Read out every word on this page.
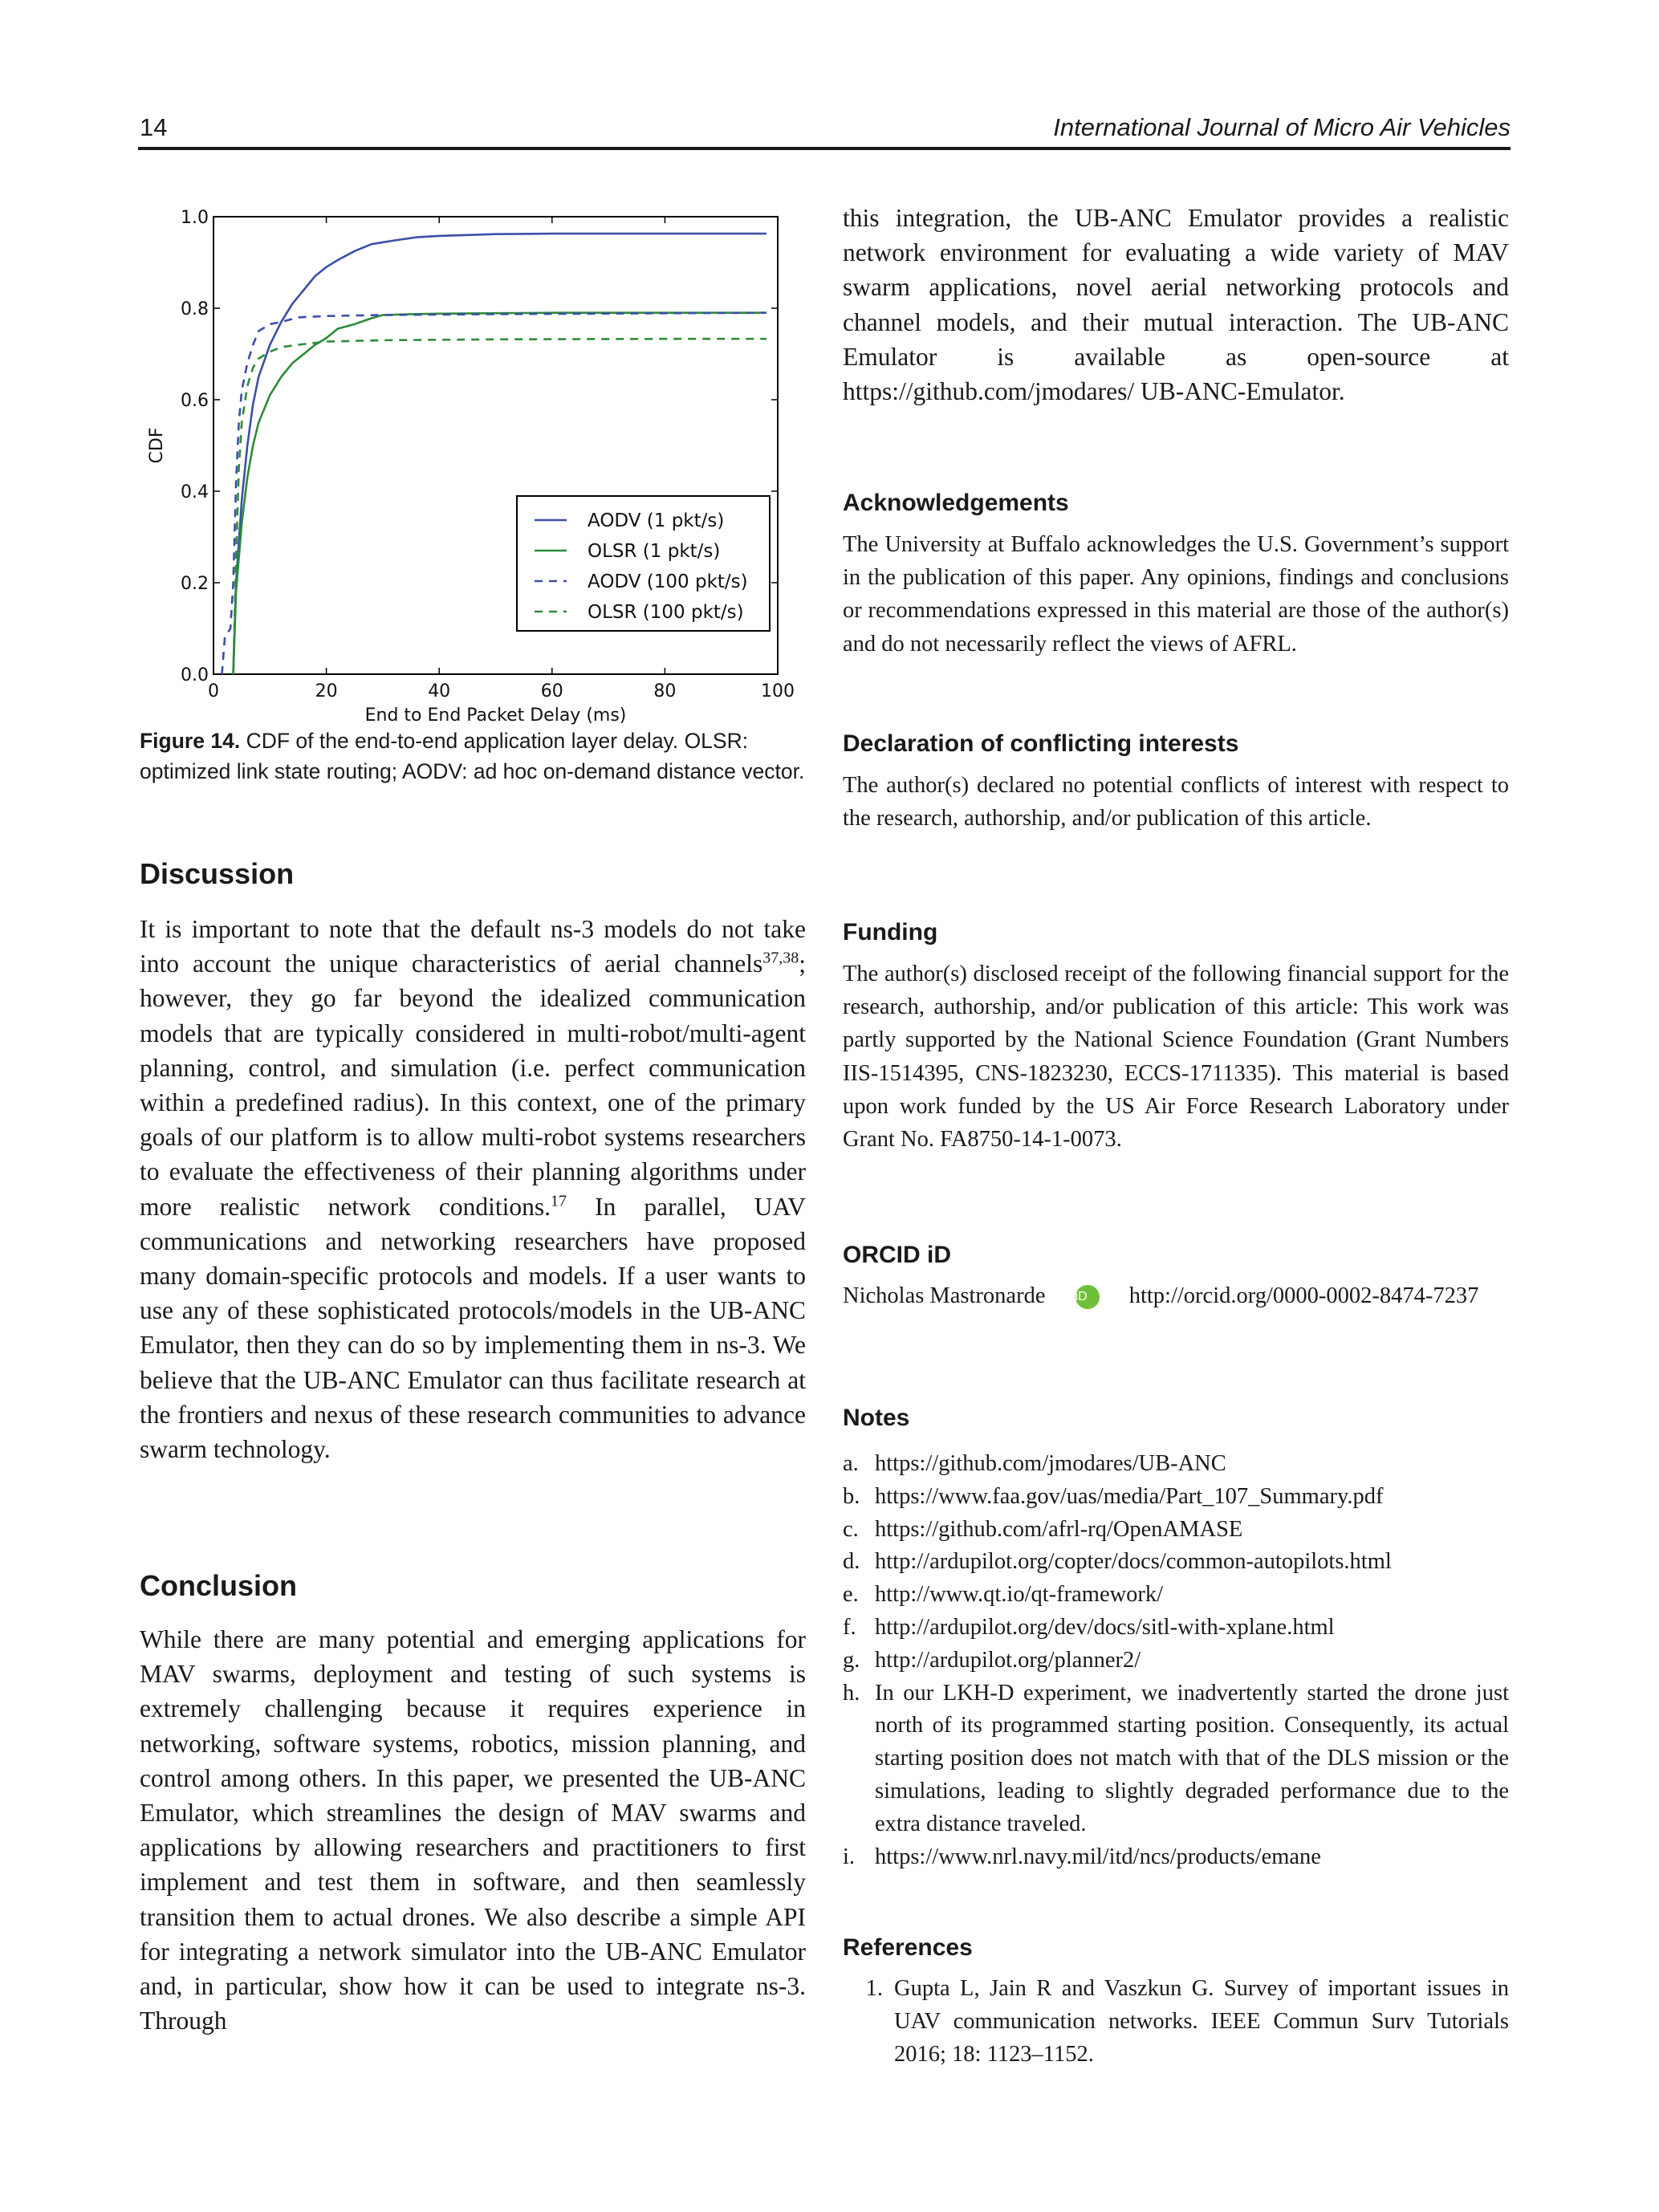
14	International Journal of Micro Air Vehicles
0	20	40	60	80	100
0.0
0.2
0.4
0.6
0.8
1.0
End to End Packet Delay (ms)
CDF
AODV (1 pkt/s)
OLSR (1 pkt/s)
AODV (100 pkt/s)
OLSR (100 pkt/s)

Figure 14. CDF of the end-to-end application layer delay. OLSR: optimized link state routing; AODV: ad hoc on-demand distance vector.

Discussion

It is important to note that the default ns-3 models do not take into account the unique characteristics of aerial channels$^{37,38}$; however, they go far beyond the idealized communication models that are typically considered in multi-robot/multi-agent planning, control, and simulation (i.e. perfect communication within a predefined radius). In this context, one of the primary goals of our platform is to allow multi-robot systems researchers to evaluate the effectiveness of their planning algorithms under more realistic network conditions.$^{17}$ In parallel, UAV communications and networking researchers have proposed many domain-specific protocols and models. If a user wants to use any of these sophisticated protocols/models in the UB-ANC Emulator, then they can do so by implementing them in ns-3. We believe that the UB-ANC Emulator can thus facilitate research at the frontiers and nexus of these research communities to advance swarm technology.

Conclusion

While there are many potential and emerging applications for MAV swarms, deployment and testing of such systems is extremely challenging because it requires experience in networking, software systems, robotics, mission planning, and control among others. In this paper, we presented the UB-ANC Emulator, which streamlines the design of MAV swarms and applications by allowing researchers and practitioners to first implement and test them in software, and then seamlessly transition them to actual drones. We also describe a simple API for integrating a network simulator into the UB-ANC Emulator and, in particular, show how it can be used to integrate ns-3. Through

this integration, the UB-ANC Emulator provides a realistic network environment for evaluating a wide variety of MAV swarm applications, novel aerial networking protocols and channel models, and their mutual interaction. The UB-ANC Emulator is available as open-source at https://github.com/jmodares/ UB-ANC-Emulator.

Acknowledgements

The University at Buffalo acknowledges the U.S. Government’s support in the publication of this paper. Any opinions, findings and conclusions or recommendations expressed in this material are those of the author(s) and do not necessarily reflect the views of AFRL.

Declaration of conflicting interests

The author(s) declared no potential conflicts of interest with respect to the research, authorship, and/or publication of this article.

Funding

The author(s) disclosed receipt of the following financial support for the research, authorship, and/or publication of this article: This work was partly supported by the National Science Foundation (Grant Numbers IIS-1514395, CNS-1823230, ECCS-1711335). This material is based upon work funded by the US Air Force Research Laboratory under Grant No. FA8750-14-1-0073.

ORCID iD
Nicholas Mastronarde iD http://orcid.org/0000-0002-8474-7237
Notes
a. https://github.com/jmodares/UB-ANC
b. https://www.faa.gov/uas/media/Part_107_Summary.pdf
c. https://github.com/afrl-rq/OpenAMASE
d. http://ardupilot.org/copter/docs/common-autopilots.html
e. http://www.qt.io/qt-framework/
f. http://ardupilot.org/dev/docs/sitl-with-xplane.html
g. http://ardupilot.org/planner2/
h. In our LKH-D experiment, we inadvertently started the drone just north of its programmed starting position. Consequently, its actual starting position does not match with that of the DLS mission or the simulations, leading to slightly degraded performance due to the extra distance traveled.
i. https://www.nrl.navy.mil/itd/ncs/products/emane
References
1. Gupta L, Jain R and Vaszkun G. Survey of important issues in UAV communication networks. IEEE Commun Surv Tutorials 2016; 18: 1123–1152.
